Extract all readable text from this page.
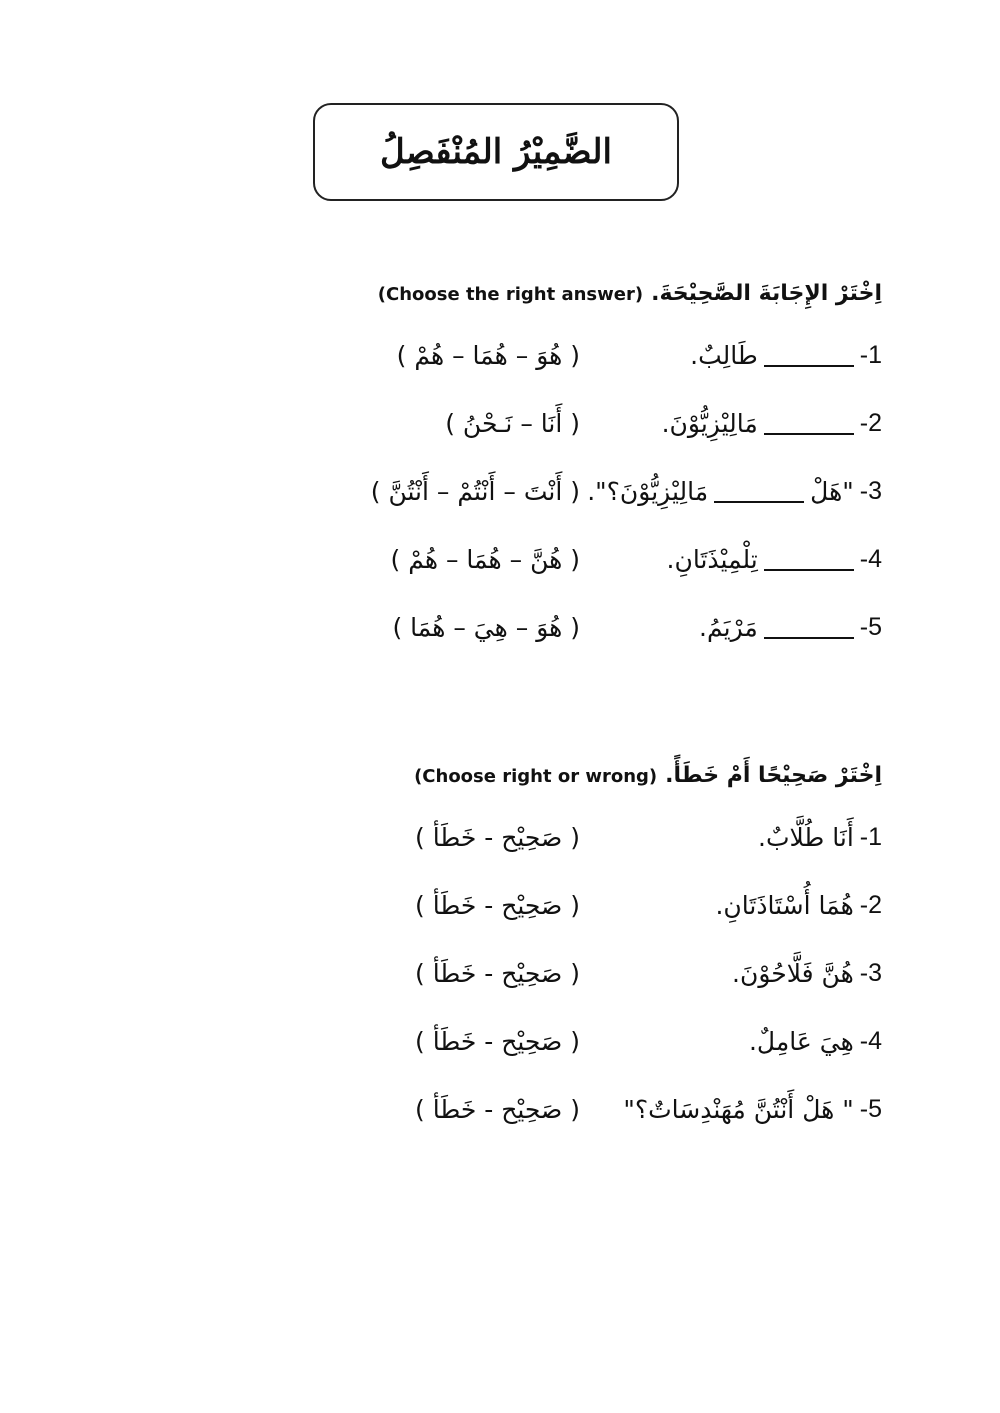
الضَّمِيْرُ المُنْفَصِلُ
اِخْتَرْ الإِجَابَةَ الصَّحِيْحَةَ.
(Choose the right answer)
-1
طَالِبٌ.
( هُوَ – هُمَا – هُمْ )
-2
مَالِيْزِيُّوْنَ.
( أَنَا – نَـحْنُ )
-3
"هَلْ
مَالِيْزِيُّوْنَ؟".
( أَنْتَ – أَنْتُمْ – أَنْتُنَّ )
-4
تِلْمِيْذَتَانِ.
( هُنَّ – هُمَا – هُمْ )
-5
مَرْيَمُ.
( هُوَ – هِيَ – هُمَا )
اِخْتَرْ صَحِيْحًا أَمْ خَطَأً.
(Choose right or wrong)
-1
أَنَا طُلَّابٌ.
( صَحِيْح - خَطَأ )
-2
هُمَا أُسْتَاذَتَانِ.
( صَحِيْح - خَطَأ )
-3
هُنَّ فَلَّاحُوْنَ.
( صَحِيْح - خَطَأ )
-4
هِيَ عَامِلٌ.
( صَحِيْح - خَطَأ )
-5
" هَلْ أَنْتُنَّ مُهَنْدِسَاتٌ؟"
( صَحِيْح - خَطَأ )
